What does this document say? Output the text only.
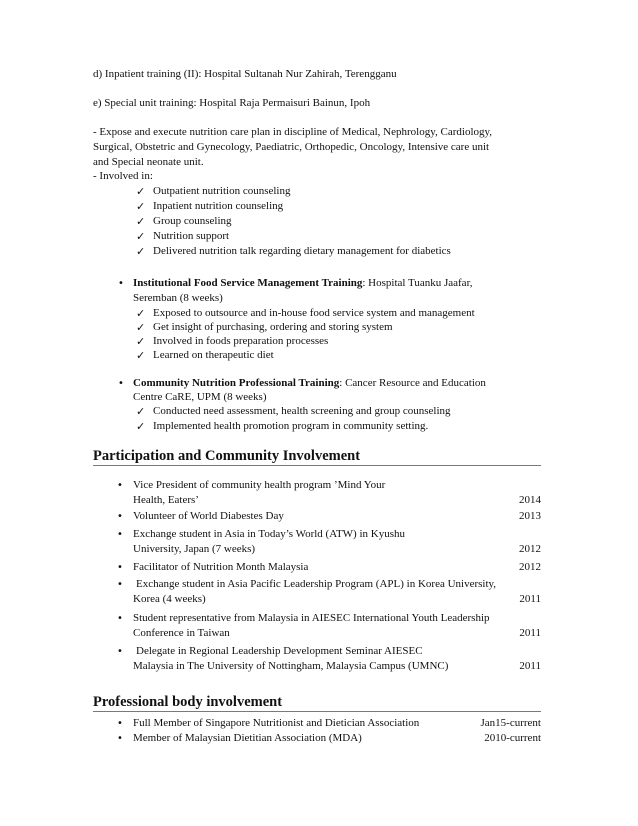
d) Inpatient training (II): Hospital Sultanah Nur Zahirah, Terengganu
e) Special unit training: Hospital Raja Permaisuri Bainun, Ipoh
- Expose and execute nutrition care plan in discipline of Medical, Nephrology, Cardiology,
Surgical, Obstetric and Gynecology, Paediatric, Orthopedic, Oncology, Intensive care unit
and Special neonate unit.
- Involved in:
✓ Outpatient nutrition counseling
✓ Inpatient nutrition counseling
✓ Group counseling
✓ Nutrition support
✓ Delivered nutrition talk regarding dietary management for diabetics
• Institutional Food Service Management Training: Hospital Tuanku Jaafar,
Seremban (8 weeks)
✓ Exposed to outsource and in-house food service system and management
✓ Get insight of purchasing, ordering and storing system
✓ Involved in foods preparation processes
✓ Learned on therapeutic diet
• Community Nutrition Professional Training: Cancer Resource and Education
Centre CaRE, UPM (8 weeks)
✓ Conducted need assessment, health screening and group counseling
✓ Implemented health promotion program in community setting.
Participation and Community Involvement
• Vice President of community health program ’Mind Your
Health, Eaters’	2014
• Volunteer of World Diabestes Day	2013
• Exchange student in Asia in Today’s World (ATW) in Kyushu
University, Japan (7 weeks)	2012
• Facilitator of Nutrition Month Malaysia	2012
• Exchange student in Asia Pacific Leadership Program (APL) in Korea University,
Korea (4 weeks)	2011
• Student representative from Malaysia in AIESEC International Youth Leadership
Conference in Taiwan	2011
• Delegate in Regional Leadership Development Seminar AIESEC
Malaysia in The University of Nottingham, Malaysia Campus (UMNC)	2011
Professional body involvement
• Full Member of Singapore Nutritionist and Dietician Association	Jan15-current
• Member of Malaysian Dietitian Association (MDA)	2010-current
